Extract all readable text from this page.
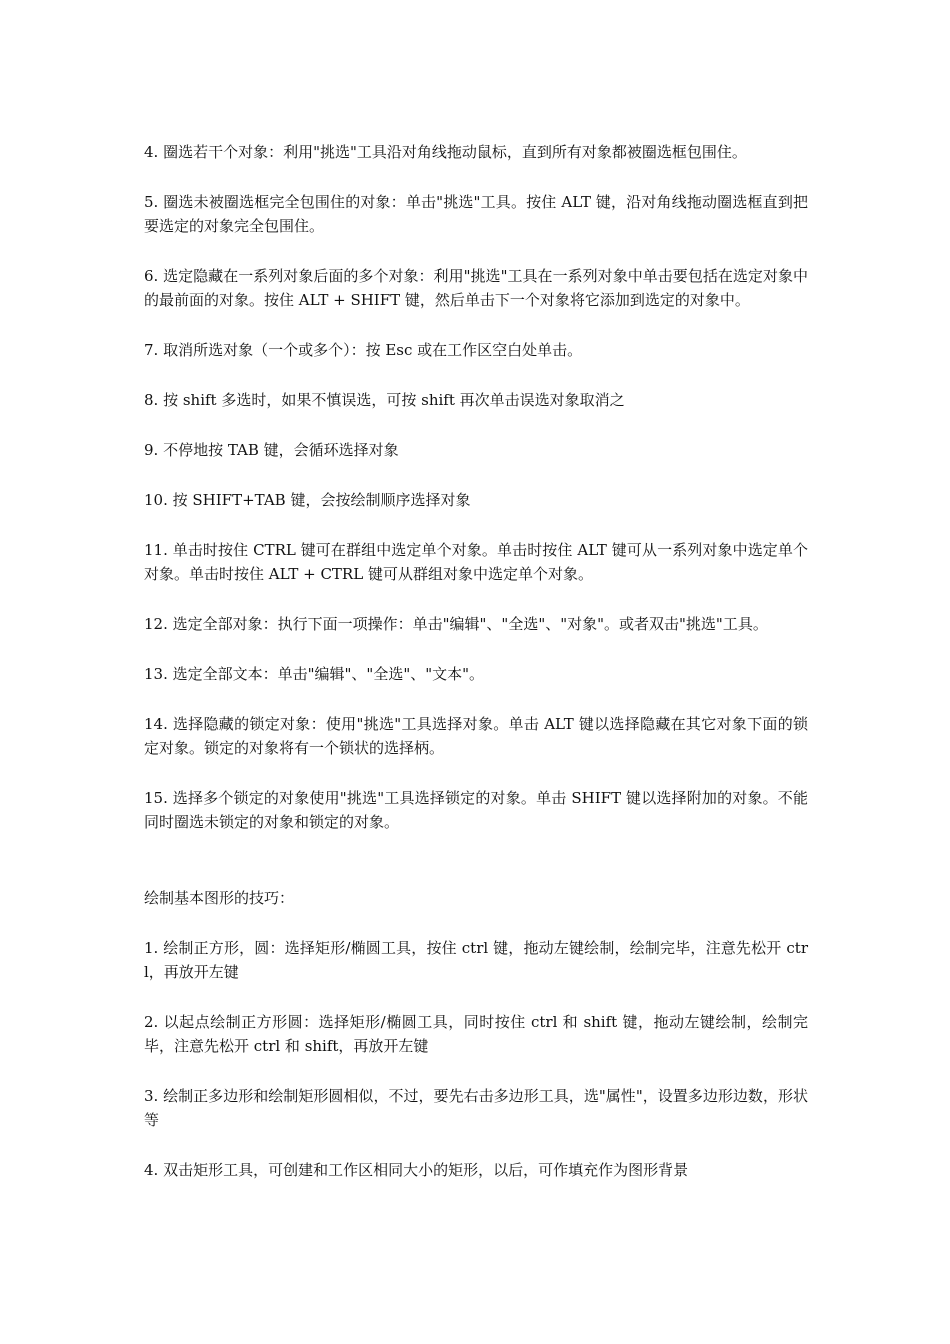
4. 圈选若干个对象：利用"挑选"工具沿对角线拖动鼠标，直到所有对象都被圈选框包围住。

5. 圈选未被圈选框完全包围住的对象：单击"挑选"工具。按住 ALT 键，沿对角线拖动圈选框直到把要选定的对象完全包围住。

6. 选定隐藏在一系列对象后面的多个对象：利用"挑选"工具在一系列对象中单击要包括在选定对象中的最前面的对象。按住 ALT + SHIFT 键，然后单击下一个对象将它添加到选定的对象中。

7. 取消所选对象（一个或多个）：按 Esc 或在工作区空白处单击。

8. 按 shift 多选时，如果不慎误选，可按 shift 再次单击误选对象取消之

9. 不停地按 TAB 键，会循环选择对象

10. 按 SHIFT+TAB 键，会按绘制顺序选择对象

11. 单击时按住 CTRL 键可在群组中选定单个对象。单击时按住 ALT 键可从一系列对象中选定单个对象。单击时按住 ALT + CTRL 键可从群组对象中选定单个对象。

12. 选定全部对象：执行下面一项操作：单击"编辑"、"全选"、"对象"。或者双击"挑选"工具。

13. 选定全部文本：单击"编辑"、"全选"、"文本"。

14. 选择隐藏的锁定对象：使用"挑选"工具选择对象。单击 ALT 键以选择隐藏在其它对象下面的锁定对象。锁定的对象将有一个锁状的选择柄。

15. 选择多个锁定的对象使用"挑选"工具选择锁定的对象。单击 SHIFT 键以选择附加的对象。不能同时圈选未锁定的对象和锁定的对象。

绘制基本图形的技巧：

1. 绘制正方形，圆：选择矩形/椭圆工具，按住 ctrl 键，拖动左键绘制，绘制完毕，注意先松开 ctrl，再放开左键

2. 以起点绘制正方形圆：选择矩形/椭圆工具，同时按住 ctrl 和 shift 键，拖动左键绘制，绘制完毕，注意先松开 ctrl 和 shift，再放开左键

3. 绘制正多边形和绘制矩形圆相似，不过，要先右击多边形工具，选"属性"，设置多边形边数，形状等

4. 双击矩形工具，可创建和工作区相同大小的矩形，以后，可作填充作为图形背景
